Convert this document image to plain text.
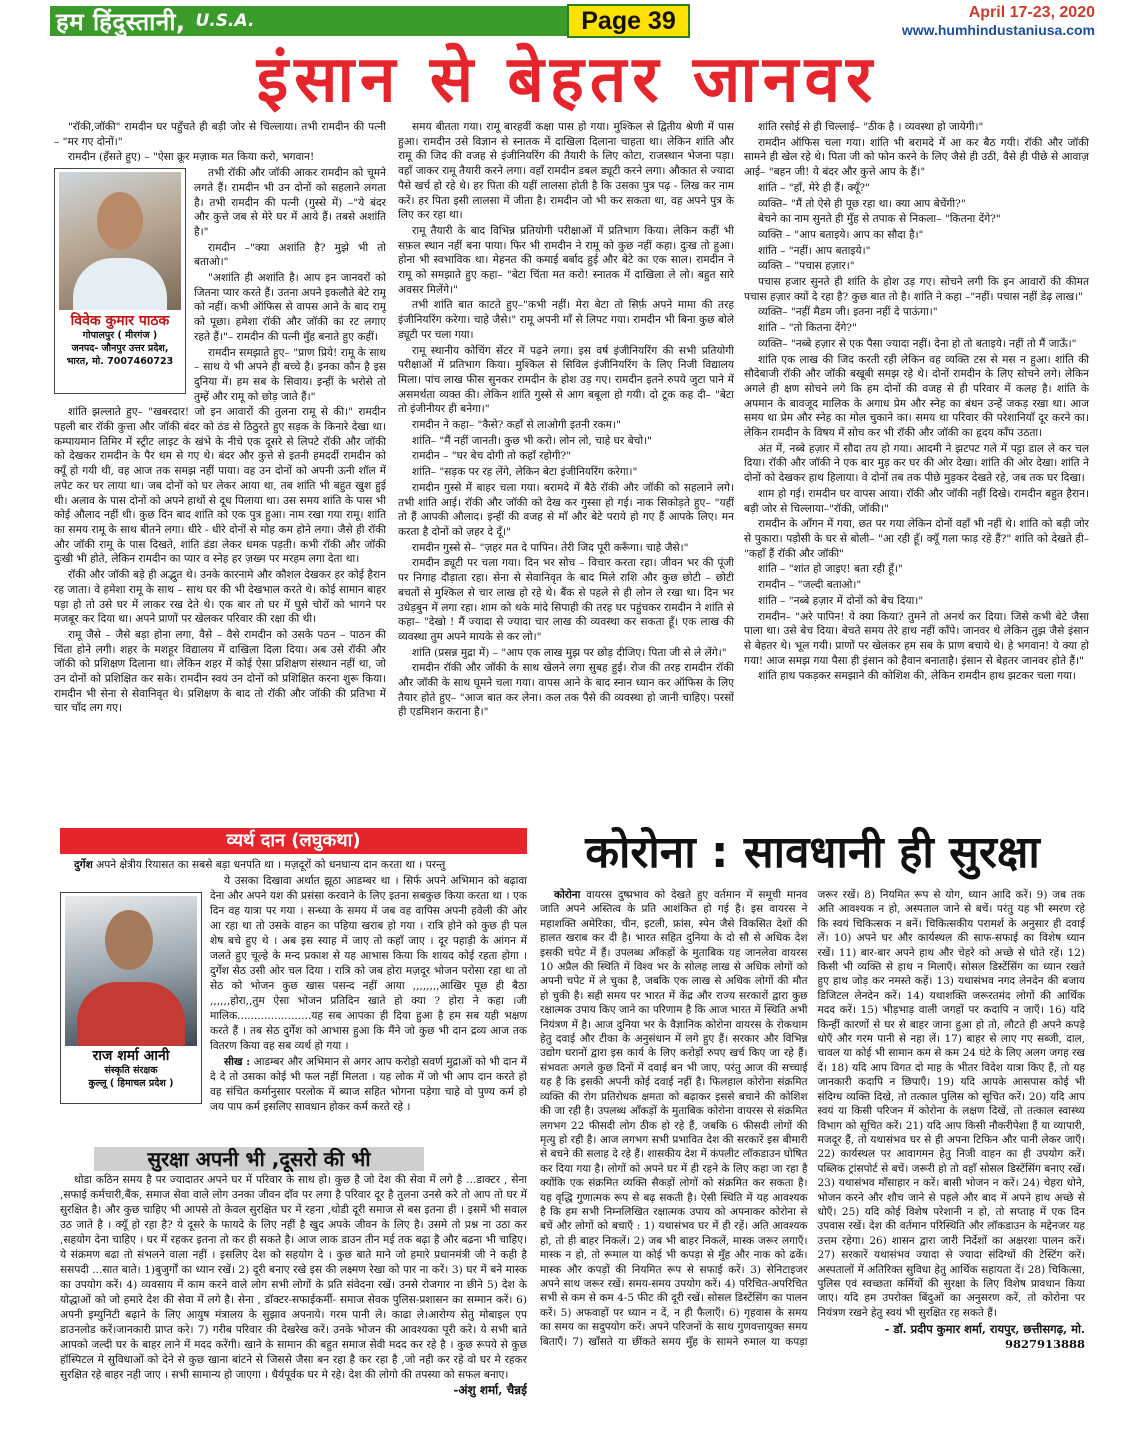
हम हिंदुस्तानी, U.S.A.	Page 39	April 17-23, 2020
www.humhindustaniusa.com
इंसान से बेहतर जानवर

"रॉकी,जॉकी" रामदीन घर पहुँचते ही बड़ी जोर से चिल्लाया। तभी रामदीन की पत्नी – "मर गए दोनों।"

रामदीन (हँसते हुए) – "ऐसा क्रूर मज़ाक मत किया करो, भगवान!

विवेक कुमार पाठक
गोपालपुर ( मीरगंज )
जनपद- जौनपुर उत्तर प्रदेश,
भारत, मो. 7007460723

तभी रॉकी और जॉकी आकर रामदीन को चूमने लगते हैं। रामदीन भी उन दोनों को सहलाने लगता है। तभी रामदीन की पत्नी (गुस्से में) –"ये बंदर और कुत्ते जब से मेरे घर में आये हैं। तबसे अशांति है।"

रामदीन –"क्या अशांति है? मुझे भी तो बताओ।"

"अशांति ही अशांति है। आप इन जानवरों को जितना प्यार करते हैं। उतना अपने इकलौते बेटे रामू को नहीं। कभी ऑफिस से वापस आने के बाद रामू को पूछा। हमेशा रॉकी और जॉकी का रट लगाए रहते हैं।"– रामदीन की पत्नी मुँह बनाते हुए कहीं।

रामदीन समझाते हुए– "प्राण प्रिये! रामू के साथ – साथ ये भी अपने ही बच्चे है। इनका कौन है इस दुनिया में। हम सब के सिवाय। इन्हीं के भरोसे तो तुम्हें और रामू को छोड़ जाते हैं।"

शांति झल्लाते हुए– "खबरदार! जो इन आवारों की तुलना रामू से की।" रामदीन पहली बार रॉकी कुत्ता और जॉकी बंदर को ठंड से ठिठुरते हुए सड़क के किनारे देखा था। कम्पायमान तिमिर में स्ट्रीट लाइट के खंभे के नीचे एक दूसरे से लिपटे रॉकी और जॉकी को देखकर रामदीन के पैर थम से गए थे। बंदर और कुत्ते से इतनी हमदर्दी रामदीन को क्यूँ हो गयी थी, वह आज तक समझ नहीं पाया। वह उन दोनों को अपनी ऊनी शॉल में लपेट कर घर लाया था। जब दोनों को घर लेकर आया था, तब शांति भी बहुत खुश हुई थी। अलाव के पास दोनों को अपने हाथों से दूध पिलाया था। उस समय शांति के पास भी कोई औलाद नहीं थी। कुछ दिन बाद शांति को एक पुत्र हुआ। नाम रखा गया रामू। शांति का समय रामू के साथ बीतने लगा। धीरे - धीरे दोनों से मोह कम होने लगा। जैसे ही रॉकी और जॉकी रामू के पास दिखते, शांति डंडा लेकर धमक पड़ती। कभी रॉकी और जॉकी दुःखी भी होते, लेकिन रामदीन का प्यार व स्नेह हर ज़ख्म पर मरहम लगा देता था।

रॉकी और जॉकी बड़े ही अद्भुत थे। उनके कारनामे और कौशल देखकर हर कोई हैरान रह जाता। वे हमेशा रामू के साथ – साथ घर की भी देखभाल करते थे। कोई सामान बाहर पड़ा हो तो उसे घर में लाकर रख देते थे। एक बार तो घर में घुसे चोरों को भागने पर मजबूर कर दिया था। अपने प्राणों पर खेलकर परिवार की रक्षा की थी।

रामू जैसे – जैसे बड़ा होना लगा, वैसे – वैसे रामदीन को उसके पठन – पाठन की चिंता होने लगी। शहर के मशहूर विद्यालय में दाखिला दिला दिया। अब उसे रॉकी और जॉकी को प्रशिक्षण दिलाना था। लेकिन शहर में कोई ऐसा प्रशिक्षण संस्थान नहीं था, जो उन दोनों को प्रशिक्षित कर सके। रामदीन स्वयं उन दोनों को प्रशिक्षित करना शुरू किया। रामदीन भी सेना से सेवानिवृत थे। प्रशिक्षण के बाद तो रॉकी और जॉकी की प्रतिभा में चार चाँद लग गए।

समय बीतता गया। रामू बारहवीं कक्षा पास हो गया। मुश्किल से द्वितीय श्रेणी में पास हुआ। रामदीन उसे विज्ञान से स्नातक में दाखिला दिलाना चाहता था। लेकिन शांति और रामू की जिद की वजह से इंजीनियरिंग की तैयारी के लिए कोटा, राजस्थान भेजना पड़ा। वहाँ जाकर रामू तैयारी करने लगा। वहाँ रामदीन डबल ड्यूटी करने लगा। औकात से ज्यादा पैसे खर्च हो रहे थे। हर पिता की यहीं लालसा होती है कि उसका पुत्र पढ़ - लिख कर नाम करें। हर पिता इसी लालसा में जीता है। रामदीन जो भी कर सकता था, वह अपने पुत्र के लिए कर रहा था।

रामू तैयारी के बाद विभिन्न प्रतियोगी परीक्षाओं में प्रतिभाग किया। लेकिन कहीं भी सफ़ल स्थान नहीं बना पाया। फिर भी रामदीन ने रामू को कुछ नहीं कहा। दुःख तो हुआ। होना भी स्वभाविक था। मेहनत की कमाई बर्बाद हुई और बेटे का एक साल। रामदीन ने रामू को समझाते हुए कहा– "बेटा चिंता मत करो! स्नातक में दाखिला ले लो। बहुत सारे अवसर मिलेंगे।"

तभी शांति बात काटते हुए–"कभी नहीं। मेरा बेटा तो सिर्फ़ अपने मामा की तरह इंजीनियरिंग करेगा। चाहे जैसे।" रामू अपनी माँ से लिपट गया। रामदीन भी बिना कुछ बोले ड्यूटी पर चला गया।

रामू स्थानीय कोचिंग सेंटर में पढ़ने लगा। इस वर्ष इंजीनियरिंग की सभी प्रतियोगी परीक्षाओं में प्रतिभाग किया। मुश्किल से सिविल इंजीनियरिंग के लिए निजी विद्यालय मिला। पांच लाख फीस सुनकर रामदीन के होश उड़ गए। रामदीन इतने रुपये जुटा पाने में असमर्थता व्यक्त की। लेकिन शांति गुस्से से आग बबूला हो गयी। दो टूक कह दी– "बेटा तो इंजीनीयर ही बनेगा।"

रामदीन ने कहा– "कैसे? कहाँ से लाओगी इतनी रकम।"

शांति– "मैं नहीं जानती। कुछ भी करो। लोन लो, चाहे घर बेचो।"

रामदीन – "घर बेच दोगी तो कहाँ रहोगी?"

शांति– "सड़क पर रह लेंगे, लेकिन बेटा इंजीनियरिंग करेगा।"

रामदीन गुस्से में बाहर चला गया। बरामदे में बैठे रॉकी और जॉकी को सहलाने लगे। तभी शांति आई। रॉकी और जॉकी को देख कर गुस्सा हो गई। नाक सिकोड़ते हुए– "यहीं तो हैं आपकी औलाद। इन्हीं की वजह से माँ और बेटे पराये हो गए हैं आपके लिए। मन करता है दोनों को ज़हर दे दूँ।"

रामदीन गुस्से से– "ज़हर मत दे पापिन। तेरी जिद पूरी करूँगा। चाहे जैसे।"

रामदीन ड्यूटी पर चला गया। दिन भर सोच – विचार करता रहा। जीवन भर की पूंजी पर निगाह दौड़ाता रहा। सेना से सेवानिवृत के बाद मिले राशि और कुछ छोटी – छोटी बचतों से मुश्किल से चार लाख हो रहे थे। बैंक से पहले से ही लोन ले रखा था। दिन भर उधेड़बुन में लगा रहा। शाम को थके मांदे सिपाही की तरह घर पहुंचकर रामदीन ने शांति से कहा– "देखो ! मैं ज्यादा से ज्यादा चार लाख की व्यवस्था कर सकता हूँ। एक लाख की व्यवस्था तुम अपने मायके से कर लो।"

शांति (प्रसन्न मुद्रा में) – "आप एक लाख मुझ पर छोड़ दीजिए। पिता जी से ले लेंगे।"

रामदीन रॉकी और जॉकी के साथ खेलने लगा सुबह हुई। रोज की तरह रामदीन रॉकी और जॉकी के साथ घूमने चला गया। वापस आने के बाद स्नान ध्यान कर ऑफिस के लिए तैयार होते हुए– "आज बात कर लेना। कल तक पैसे की व्यवस्था हो जानी चाहिए। परसों ही एडमिशन कराना है।"

शांति रसोई से ही चिल्लाई– "ठीक है । व्यवस्था हो जायेगी।"

रामदीन ऑफिस चला गया। शांति भी बरामदे में आ कर बैठ गयी। रॉकी और जॉकी सामने ही खेल रहे थे। पिता जी को फोन करने के लिए जैसे ही उठी, वैसे ही पीछे से आवाज़ आई– "बहन जी! ये बंदर और कुत्ते आप के हैं।"

शांति – "हाँ, मेरे ही हैं। क्यूँ?"

व्यक्ति– "मैं तो ऐसे ही पूछ रहा था। क्या आप बेचेंगी?"

बेचने का नाम सुनते ही मुँह से तपाक से निकला– "कितना देंगे?"

व्यक्ति – "आप बताइये। आप का सौदा है।"

शांति – "नहीं। आप बताइये।"

व्यक्ति – "पचास हज़ार।"

पचास हजार सुनते ही शांति के होश उड़ गए। सोचने लगी कि इन आवारों की कीमत पचास हज़ार क्यों दे रहा है? कुछ बात तो है। शांति ने कहा –"नहीं। पचास नहीं डेढ़ लाख।"

व्यक्ति– "नहीं मैडम जी। इतना नहीं दे पाऊंगा।"

शांति – "तो कितना देंगे?"

व्यक्ति– "नब्बे हज़ार से एक पैसा ज्यादा नहीं। देना हो तो बताइये। नहीं तो मैं जाऊँ।"

शांति एक लाख की जिद करती रही लेकिन वह व्यक्ति टस से मस न हुआ। शांति की सौदेबाजी रॉकी और जॉकी बखूबी समझ रहे थे। दोनों रामदीन के लिए सोचने लगे। लेकिन अगले ही क्षण सोचने लगे कि हम दोनों की वजह से ही परिवार में कलह है। शांति के अपमान के बावजूद मालिक के अगाध प्रेम और स्नेह का बंधन उन्हें जकड़ रखा था। आज समय था प्रेम और स्नेह का मोल चुकाने का। समय था परिवार की परेशानियाँ दूर करने का। लेकिन रामदीन के विषय में सोच कर भी रॉकी और जॉकी का हृदय काँप उठता।

अंत में, नब्बे हज़ार में सौदा तय हो गया। आदमी ने झटपट गले में पट्टा डाल ले कर चल दिया। रॉकी और जॉकी ने एक बार मुड़ कर घर की ओर देखा। शांति की ओर देखा। शांति ने दोनों को देखकर हाथ हिलाया। वे दोनों तब तक पीछे मुड़कर देखते रहे, जब तक घर दिखा।

शाम हो गई। रामदीन घर वापस आया। रॉकी और जॉकी नहीं दिखे। रामदीन बहुत हैरान। बड़ी जोर से चिल्लाया–"रॉकी, जॉकी।"

रामदीन के आँगन में गया, छत पर गया लेकिन दोनों वहाँ भी नहीं थे। शांति को बड़ी जोर से पुकारा। पड़ोसी के घर से बोली– "आ रही हूँ। क्यूँ गला फाड़ रहे हैं?" शांति को देखते ही– "कहाँ हैं रॉकी और जॉकी"

शांति – "शांत हो जाइए! बता रही हूँ।"

रामदीन – "जल्दी बताओ।"

शांति – "नब्बे हज़ार में दोनों को बेच दिया।"

रामदीन– "अरे पापिन! ये क्या किया? तुमने तो अनर्थ कर दिया। जिसे कभी बेटे जैसा पाला था। उसे बेच दिया। बेचते समय तेरे हाथ नहीं काँपे। जानवर थे लेकिन तुझ जैसे इंसान से बेहतर थे। भूल गयी। प्राणों पर खेलकर हम सब के प्राण बचाये थे। हे भगवान! ये क्या हो गया! आज समझ गया पैसा ही इंसान को हैवान बनाताहै। इंसान से बेहतर जानवर होते हैं।"

शांति हाथ पकड़कर समझाने की कोशिश की, लेकिन रामदीन हाथ झटकर चला गया।

व्यर्थ दान (लघुकथा)

दुर्गेश अपने क्षेत्रीय रियासत का सबसे बड़ा धनपति था । मज़दूरों को धनधान्य दान करता था । परन्तु

राज शर्मा आनी
संस्कृति संरक्षक
कुल्लू ( हिमाचल प्रदेश )

ये उसका दिखावा अर्थात झूठा आडम्बर था । सिर्फ अपने अभिमान को बढ़ावा देना और अपने यश की प्रसंसा करवाने के लिए इतना सबकुछ किया करता था । एक दिन वह यात्रा पर गया । सन्ध्या के समय में जब वह वापिस अपनी हवेली की ओर आ रहा था तो उसके वाहन का पहिया खराब हो गया । रात्रि होने को कुछ ही पल शेष बचे हुए थे । अब इस स्याह में जाए तो कहाँ जाए । दूर पहाड़ी के आंगन में जलते हुए चूल्हे के मन्द प्रकाश से यह आभास किया कि शायद कोई रहता होगा । दुर्गेश सेठ उसी ओर चल दिया । रात्रि को जब होरा मज़दूर भोजन परोसा रहा था तो सेठ को भोजन कुछ खास पसन्द नहीं आया ,,,,,,,,आखिर पूछ ही बैठा ,,,,,,होरा,,तुम ऐसा भोजन प्रतिदिन खाते हो क्या ? होरा ने कहा ।जी मालिक......................यह सब आपका ही दिया हुआ है हम सब यही भक्षण करते हैं । तब सेठ दुर्गेश को आभास हुआ कि मैंने जो कुछ भी दान द्रव्य आज तक वितरण किया वह सब व्यर्थ हो गया ।

सीख : आडम्बर और अभिमान से अगर आप करोड़ो सवर्ण मुद्राओं को भी दान में दे दे तो उसका कोई भी फल नहीं मिलता । यह लोक में जो भी आप दान करते हो वह संचित कर्मानुसार परलोक में ब्याज सहित भोगना पड़ेगा चाहे वो पुण्य कर्म हो जय पाप कर्म इसलिए सावधान होकर कर्म करते रहे ।

सुरक्षा अपनी भी ,दूसरो की भी

थोडा कठिन समय है पर ज्यादातर अपने घर में परिवार के साथ हो। कुछ है जो देश की सेवा में लगे है ...डाक्टर , सेना ,सफाई कर्मचारी,बैंक, समाज सेवा वाले लोग उनका जीवन दाँव पर लगा है परिवार दूर है तुलना उनसे करे तो आप तो घर में सुरक्षित है। और कुछ चाहिए भी आपसे तो केवल सुरक्षित घर में रहना ,थोडी दूरी समाज से बस इतना ही । इसमें भी सवाल उठ जाते है । क्यूँ हो रहा है? ये दूसरे के फायदे के लिए नहीं है खुद अपके जीवन के लिए है। उसमे तो प्रश्न ना उठा कर ,सहयोग देना चाहिए । घर में रहकर इतना तो कर ही सकते है। आज लाक डाउन तीन मई तक बढ़ा है और बढना भी चाहिए। ये संक्रमण बढा तो संभलने वाला नहीं । इसलिए देश को सहयोग दे । कुछ बाते माने जो हमारे प्रधानमंत्री जी ने कही है ससपदी ...सात बाते। 1)बुजुर्गों का ध्यान रखें। 2) दूरी बनाए रखे इस की लक्ष्मण रेखा को पार ना करें। 3) घर में बने मास्क का उपयोग करें। 4) व्यवसाय में काम करने वाले लोग सभी लोगों के प्रति संवेदना रखें। उनसे रोजगार ना छीने 5) देश के योद्धाओं को जो हमारे देश की सेवा में लगे है। सेना , डॉक्टर-सफाईकर्मी- समाज सेवक पुलिस-प्रशासन का सम्मान करें। 6) अपनी इम्युनिटी बढ़ाने के लिए आयुष मंत्रालय के सुझाव अपनाये। गरम पानी ले। काढा ले।आरोग्य सेतु मोबाइल एप डाउनलोड करें।जानकारी प्राप्त करे। 7) गरीब परिवार की देखरेख करें। उनके भोजन की आवश्यका पूरी करे। ये सभी बाते आपको जल्दी घर के बाहर लाने में मदद करेंगी। खाने के सामान की बहुत समाज सेवी मदद कर रहे है । कुछ रूपये से कुछ हॉस्पिटल मे सुविधाओं को देने से कुछ खाना बांटने से जिससे जैसा बन रहा है कर रहा है ,जो नही कर रहे वो घर मे रहकर सुरक्षित रहे बाहर नही जाए । सभी सामान्य हो जाएगा । धैर्यपूर्वक घर मे रहे। देश की लोगो की तपस्या को सफल बनाए।

-अंशु शर्मा, चैन्नई
कोरोना : सावधानी ही सुरक्षा

कोरोना वायरस दुष्प्रभाव को देखते हुए वर्तमान में समूची मानव जाति अपने अस्तित्व के प्रति आशंकित हो गई है। इस वायरस ने महाशक्ति अमेरिका, चीन, इटली, फ्रांस, स्पेन जैसे विकसित देशों की हालत खराब कर दी है। भारत सहित दुनिया के दो सौ से अधिक देश इसकी चपेट में हैं। उपलब्ध आँकड़ों के मुताबिक यह जानलेवा वायरस 10 अप्रैल की स्थिति में विश्व भर के सोलह लाख से अधिक लोगों को अपनी चपेट में ले चुका है, जबकि एक लाख से अधिक लोगों की मौत हो चुकी है। सही समय पर भारत में केंद्र और राज्य सरकारों द्वारा कुछ रक्षात्मक उपाय किए जाने का परिणाम है कि आज भारत में स्थिति अभी नियंत्रण में है। आज दुनिया भर के वैज्ञानिक कोरोना वायरस के रोकथाम हेतु दवाई और टीका के अनुसंधान में लगे हुए हैं। सरकार और विभिन्न उद्योग घरानों द्वारा इस कार्य के लिए करोड़ों रुपए खर्च किए जा रहे हैं। संभवतः अगले कुछ दिनों में दवाई बन भी जाए, परंतु आज की सच्चाई यह है कि इसकी अपनी कोई दवाई नहीं है। फिलहाल कोरोना संक्रमित व्यक्ति की रोग प्रतिरोधक क्षमता को बढ़ाकर इससे बचाने की कोशिश की जा रही है। उपलब्ध आँकड़ों के मुताबिक कोरोना वायरस से संक्रमित लगभग 22 फीसदी लोग ठीक हो रहे हैं, जबकि 6 फीसदी लोगों की मृत्यु हो रही है। आज लगभग सभी प्रभावित देश की सरकारें इस बीमारी से बचने की सलाह दे रहे हैं। शासकीय देश में कंपलीट लॉकडाउन घोषित कर दिया गया है। लोगों को अपने घर में ही रहने के लिए कहा जा रहा है क्योंकि एक संक्रमित व्यक्ति सैकड़ों लोगों को संक्रमित कर सकता है। यह वृद्धि गुणात्मक रूप से बढ़ सकती है। ऐसी स्थिति में यह आवश्यक है कि हम सभी निम्नलिखित रक्षात्मक उपाय को अपनाकर कोरोना से बचें और लोगों को बचाएँ : 1) यथासंभव घर में ही रहें। अति आवश्यक हो, तो ही बाहर निकलें। 2) जब भी बाहर निकलें, मास्क जरूर लगाएँ। मास्क न हो, तो रूमाल या कोई भी कपड़ा से मुँह और नाक को ढकें। मास्क और कपड़ों की नियमित रूप से सफाई करें। 3) सेनिटाइजर अपने साथ जरूर रखें। समय-समय उपयोग करें। 4) परिचित-अपरिचित सभी से कम से कम 4-5 फीट की दूरी रखें। सोसल डिस्टेंसिंग का पालन करें। 5) अफवाहों पर ध्यान न दें, न ही फैलाएँ। 6) गृहवास के समय का समय का सदुपयोग करें। अपने परिजनों के साथ गुणवत्तायुक्त समय बिताएँ। 7) खाँसते या छींकते समय मुँह के सामने रुमाल या कपड़ा जरूर रखें। 8) नियमित रूप से योग, ध्यान आदि करें। 9) जब तक अति आवश्यक न हो, अस्पताल जाने से बचें। परंतु यह भी स्मरण रहे कि स्वयं चिकित्सक न बनें। चिकित्सकीय परामर्श के अनुसार ही दवाई लें। 10) अपने घर और कार्यस्थल की साफ-सफाई का विशेष ध्यान रखें। 11) बार-बार अपने हाथ और चेहरे को अच्छे से धोते रहें। 12) किसी भी व्यक्ति से हाथ न मिलाएँ। सोसल डिस्टेंसिंग का ध्यान रखते हुए हाथ जोड़ कर नमस्ते कहें। 13) यथासंभव नगद लेनदेन की बजाय डिजिटल लेनदेन करें। 14) यथाशक्ति जरूरतमंद लोगों की आर्थिक मदद करें। 15) भीड़भाड़ वाली जगहों पर कदापि न जाएँ। 16) यदि किन्हीं कारणों से घर से बाहर जाना हुआ हो तो, लौटते ही अपने कपड़े धोएँ और गरम पानी से नहा लें। 17) बाहर से लाए गए सब्जी, दाल, चावल या कोई भी सामान कम से कम 24 घंटे के लिए अलग जगह रख दें। 18) यदि आप विगत दो माह के भीतर विदेश यात्रा किए हैं, तो यह जानकारी कदापि न छिपाएँ। 19) यदि आपके आसपास कोई भी संदिग्ध व्यक्ति दिखे, तो तत्काल पुलिस को सूचित करें। 20) यदि आप स्वयं या किसी परिजन में कोरोना के लक्षण दिखें, तो तत्काल स्वास्थ्य विभाग को सूचित करें। 21) यदि आप किसी नौकरीपेशा हैं या व्यापारी, मजदूर हैं, तो यथासंभव घर से ही अपना टिफिन और पानी लेकर जाएँ। 22) कार्यस्थल पर आवागमन हेतु निजी वाहन का ही उपयोग करें। पब्लिक ट्रांसपोर्ट से बचें। जरूरी हो तो वहाँ सोसल डिस्टेंसिंग बनाए रखें। 23) यथासंभव माँसाहार न करें। बासी भोजन न करें। 24) चेहरा धोने, भोजन करने और शौच जाने से पहले और बाद में अपने हाथ अच्छे से धोएँ। 25) यदि कोई विशेष परेशानी न हो, तो सप्ताह में एक दिन उपवास रखें। देश की वर्तमान परिस्थिति और लॉकडाउन के मद्देनजर यह उत्तम रहेगा। 26) शासन द्वारा जारी निर्देशों का अक्षरशः पालन करें। 27) सरकारें यथासंभव ज्यादा से ज्यादा संदिग्धों की टेस्टिंग करें। अस्पतालों में अतिरिक्त सुविधा हेतु आर्थिक सहायता दें। 28) चिकित्सा, पुलिस एवं स्वच्छता कर्मियों की सुरक्षा के लिए विशेष प्रावधान किया जाए। यदि हम उपरोक्त बिंदुओं का अनुसरण करें, तो कोरोना पर नियंत्रण रखने हेतु स्वयं भी सुरक्षित रह सकते हैं।

- डॉ. प्रदीप कुमार शर्मा, रायपुर, छत्तीसगढ़, मो. 9827913888
